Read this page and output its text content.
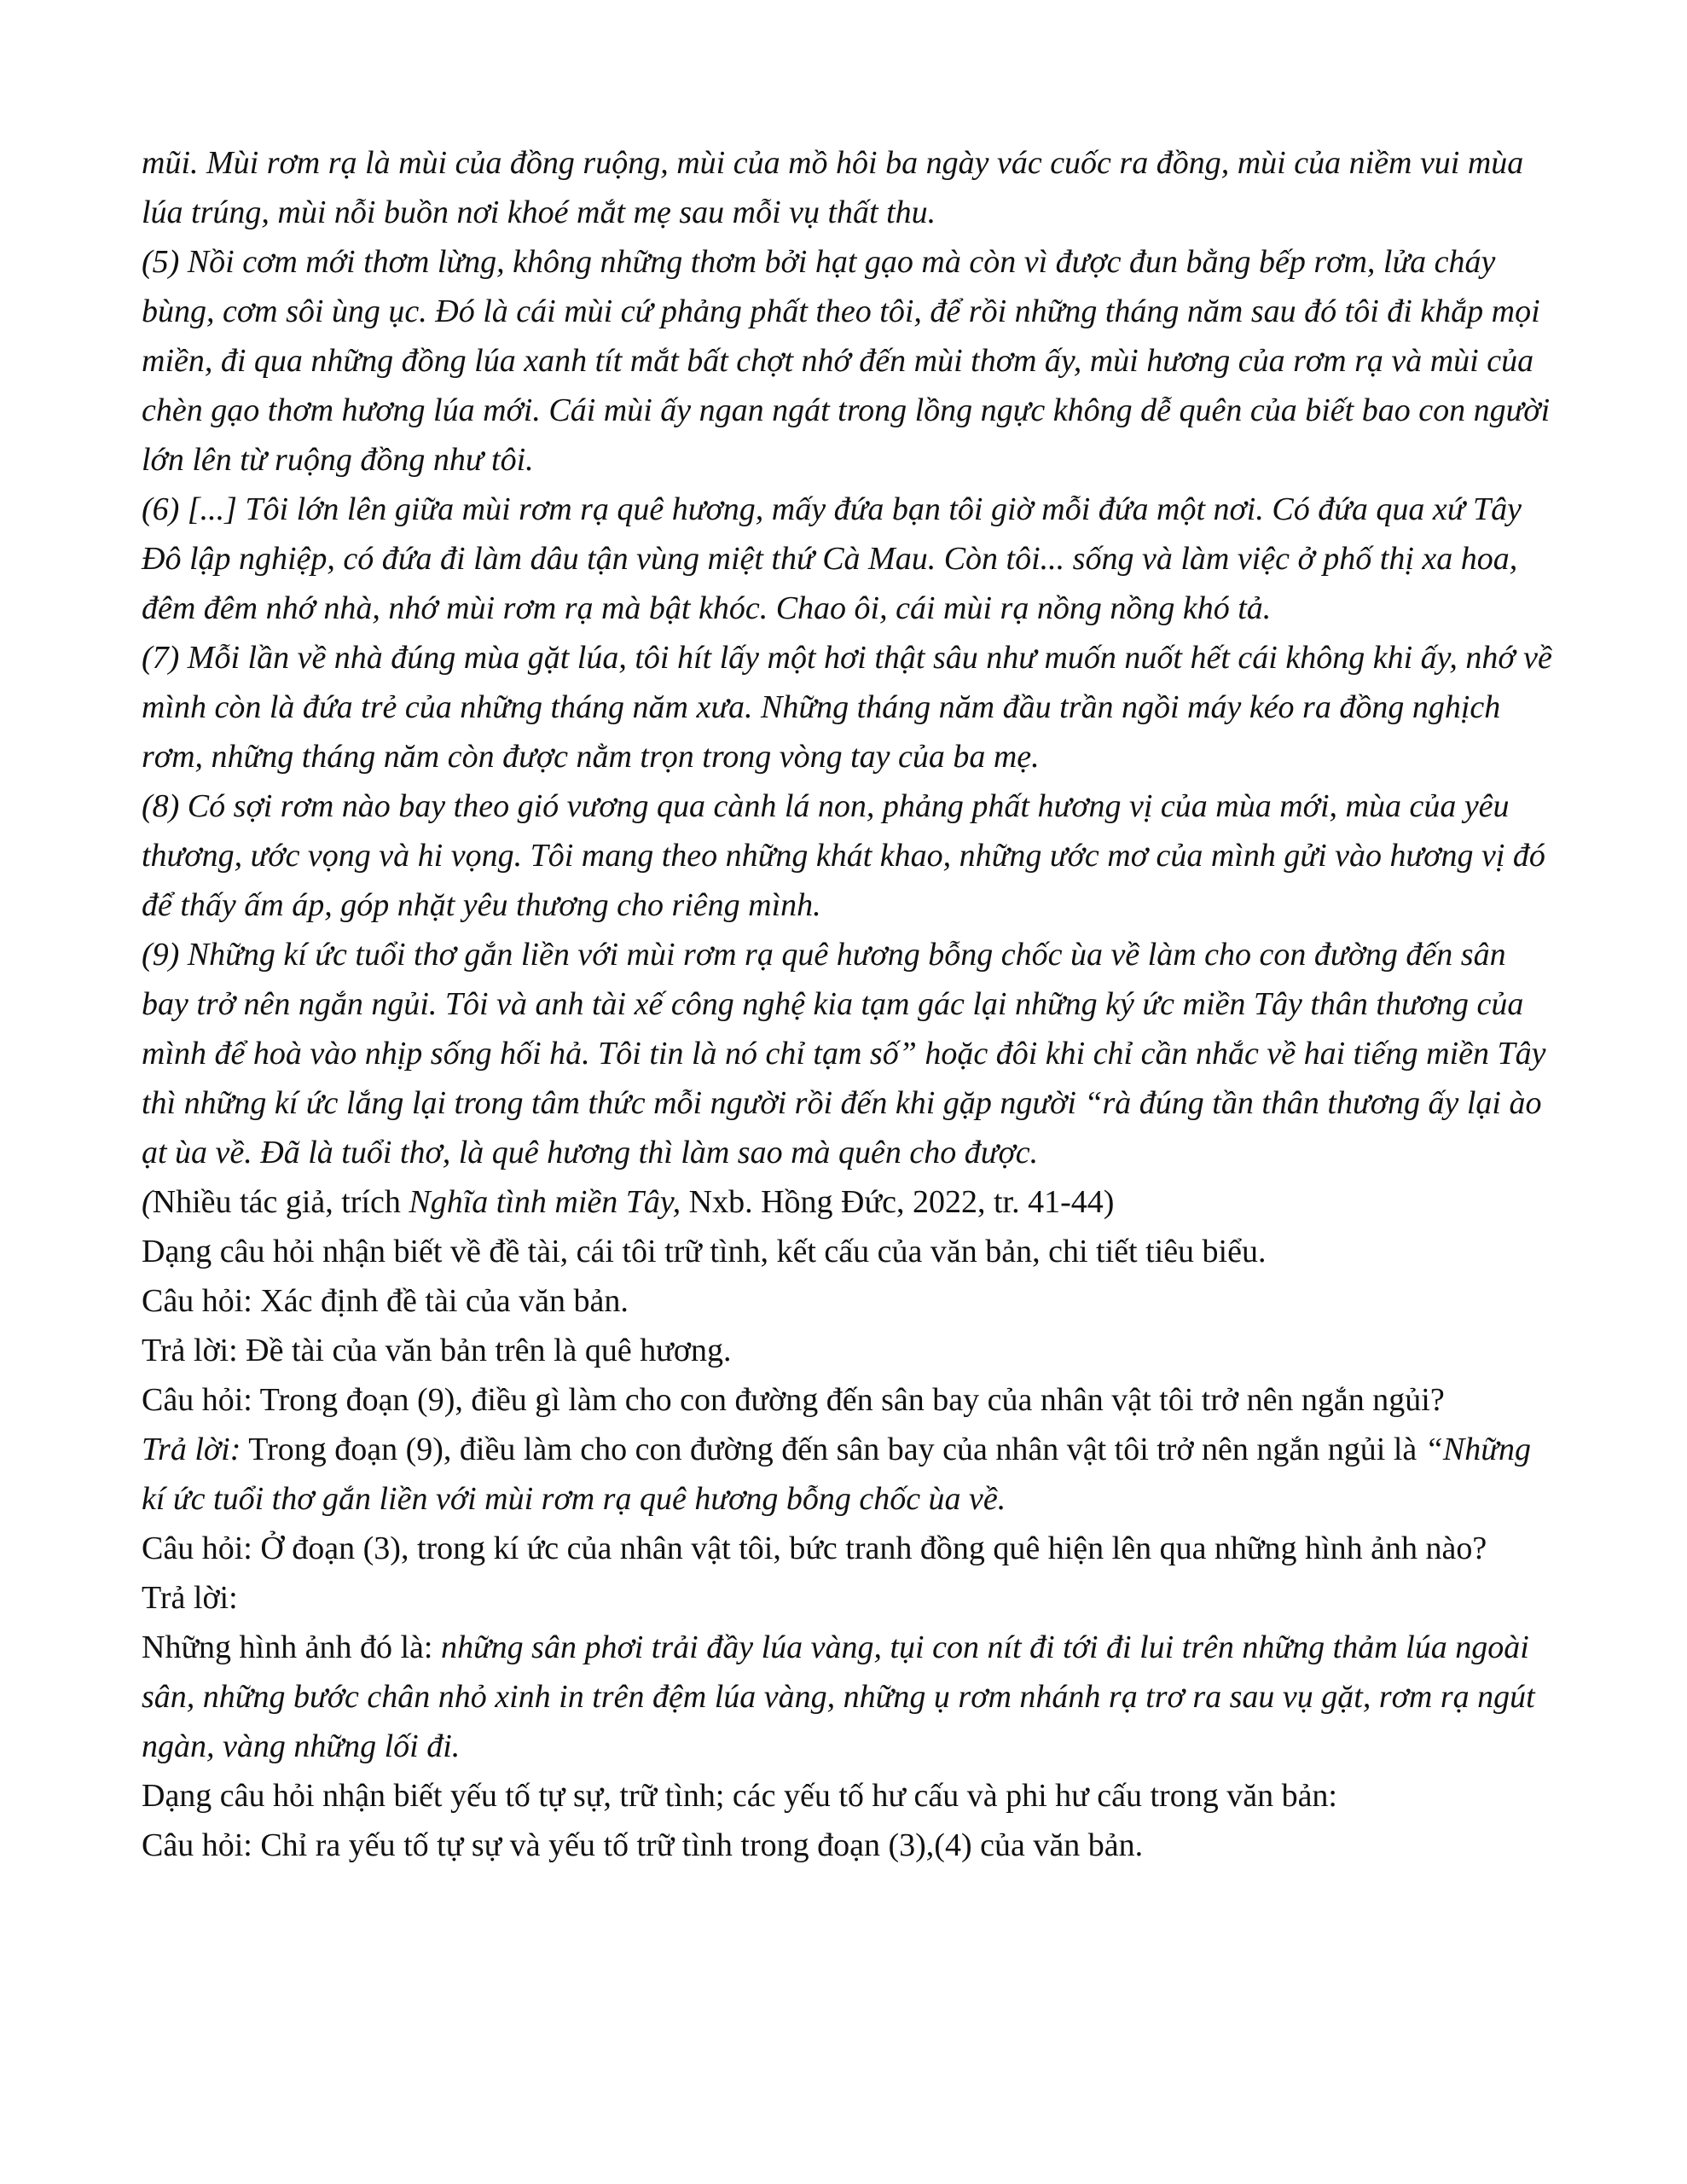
mũi. Mùi rơm rạ là mùi của đồng ruộng, mùi của mồ hôi ba ngày vác cuốc ra đồng, mùi của niềm vui mùa lúa trúng, mùi nỗi buồn nơi khoé mắt mẹ sau mỗi vụ thất thu.

(5) Nồi cơm mới thơm lừng, không những thơm bởi hạt gạo mà còn vì được đun bằng bếp rơm, lửa cháy bùng, cơm sôi ùng ục. Đó là cái mùi cứ phảng phất theo tôi, để rồi những tháng năm sau đó tôi đi khắp mọi miền, đi qua những đồng lúa xanh tít mắt bất chợt nhớ đến mùi thơm ấy, mùi hương của rơm rạ và mùi của chèn gạo thơm hương lúa mới. Cái mùi ấy ngan ngát trong lồng ngực không dễ quên của biết bao con người lớn lên từ ruộng đồng như tôi.

(6) [...] Tôi lớn lên giữa mùi rơm rạ quê hương, mấy đứa bạn tôi giờ mỗi đứa một nơi. Có đứa qua xứ Tây Đô lập nghiệp, có đứa đi làm dâu tận vùng miệt thứ Cà Mau. Còn tôi... sống và làm việc ở phố thị xa hoa, đêm đêm nhớ nhà, nhớ mùi rơm rạ mà bật khóc. Chao ôi, cái mùi rạ nồng nồng khó tả.

(7) Mỗi lần về nhà đúng mùa gặt lúa, tôi hít lấy một hơi thật sâu như muốn nuốt hết cái không khi ấy, nhớ về mình còn là đứa trẻ của những tháng năm xưa. Những tháng năm đầu trần ngồi máy kéo ra đồng nghịch rơm, những tháng năm còn được nằm trọn trong vòng tay của ba mẹ.

(8) Có sợi rơm nào bay theo gió vương qua cành lá non, phảng phất hương vị của mùa mới, mùa của yêu thương, ước vọng và hi vọng. Tôi mang theo những khát khao, những ước mơ của mình gửi vào hương vị đó để thấy ấm áp, góp nhặt yêu thương cho riêng mình.

(9) Những kí ức tuổi thơ gắn liền với mùi rơm rạ quê hương bỗng chốc ùa về làm cho con đường đến sân bay trở nên ngắn ngủi. Tôi và anh tài xế công nghệ kia tạm gác lại những ký ức miền Tây thân thương của mình để hoà vào nhịp sống hối hả. Tôi tin là nó chỉ tạm số” hoặc đôi khi chỉ cần nhắc về hai tiếng miền Tây thì những kí ức lắng lại trong tâm thức mỗi người rồi đến khi gặp người “rà đúng tần thân thương ấy lại ào ạt ùa về. Đã là tuổi thơ, là quê hương thì làm sao mà quên cho được.

(Nhiều tác giả, trích Nghĩa tình miền Tây, Nxb. Hồng Đức, 2022, tr. 41-44)

Dạng câu hỏi nhận biết về đề tài, cái tôi trữ tình, kết cấu của văn bản, chi tiết tiêu biểu.

Câu hỏi: Xác định đề tài của văn bản.

Trả lời: Đề tài của văn bản trên là quê hương.

Câu hỏi: Trong đoạn (9), điều gì làm cho con đường đến sân bay của nhân vật tôi trở nên ngắn ngủi?

Trả lời: Trong đoạn (9), điều làm cho con đường đến sân bay của nhân vật tôi trở nên ngắn ngủi là “Những kí ức tuổi thơ gắn liền với mùi rơm rạ quê hương bỗng chốc ùa về.

Câu hỏi: Ở đoạn (3), trong kí ức của nhân vật tôi, bức tranh đồng quê hiện lên qua những hình ảnh nào?

Trả lời:

Những hình ảnh đó là: những sân phơi trải đầy lúa vàng, tụi con nít đi tới đi lui trên những thảm lúa ngoài sân, những bước chân nhỏ xinh in trên đệm lúa vàng, những ụ rơm nhánh rạ trơ ra sau vụ gặt, rơm rạ ngút ngàn, vàng những lối đi.

Dạng câu hỏi nhận biết yếu tố tự sự, trữ tình; các yếu tố hư cấu và phi hư cấu trong văn bản:

Câu hỏi: Chỉ ra yếu tố tự sự và yếu tố trữ tình trong đoạn (3),(4) của văn bản.
